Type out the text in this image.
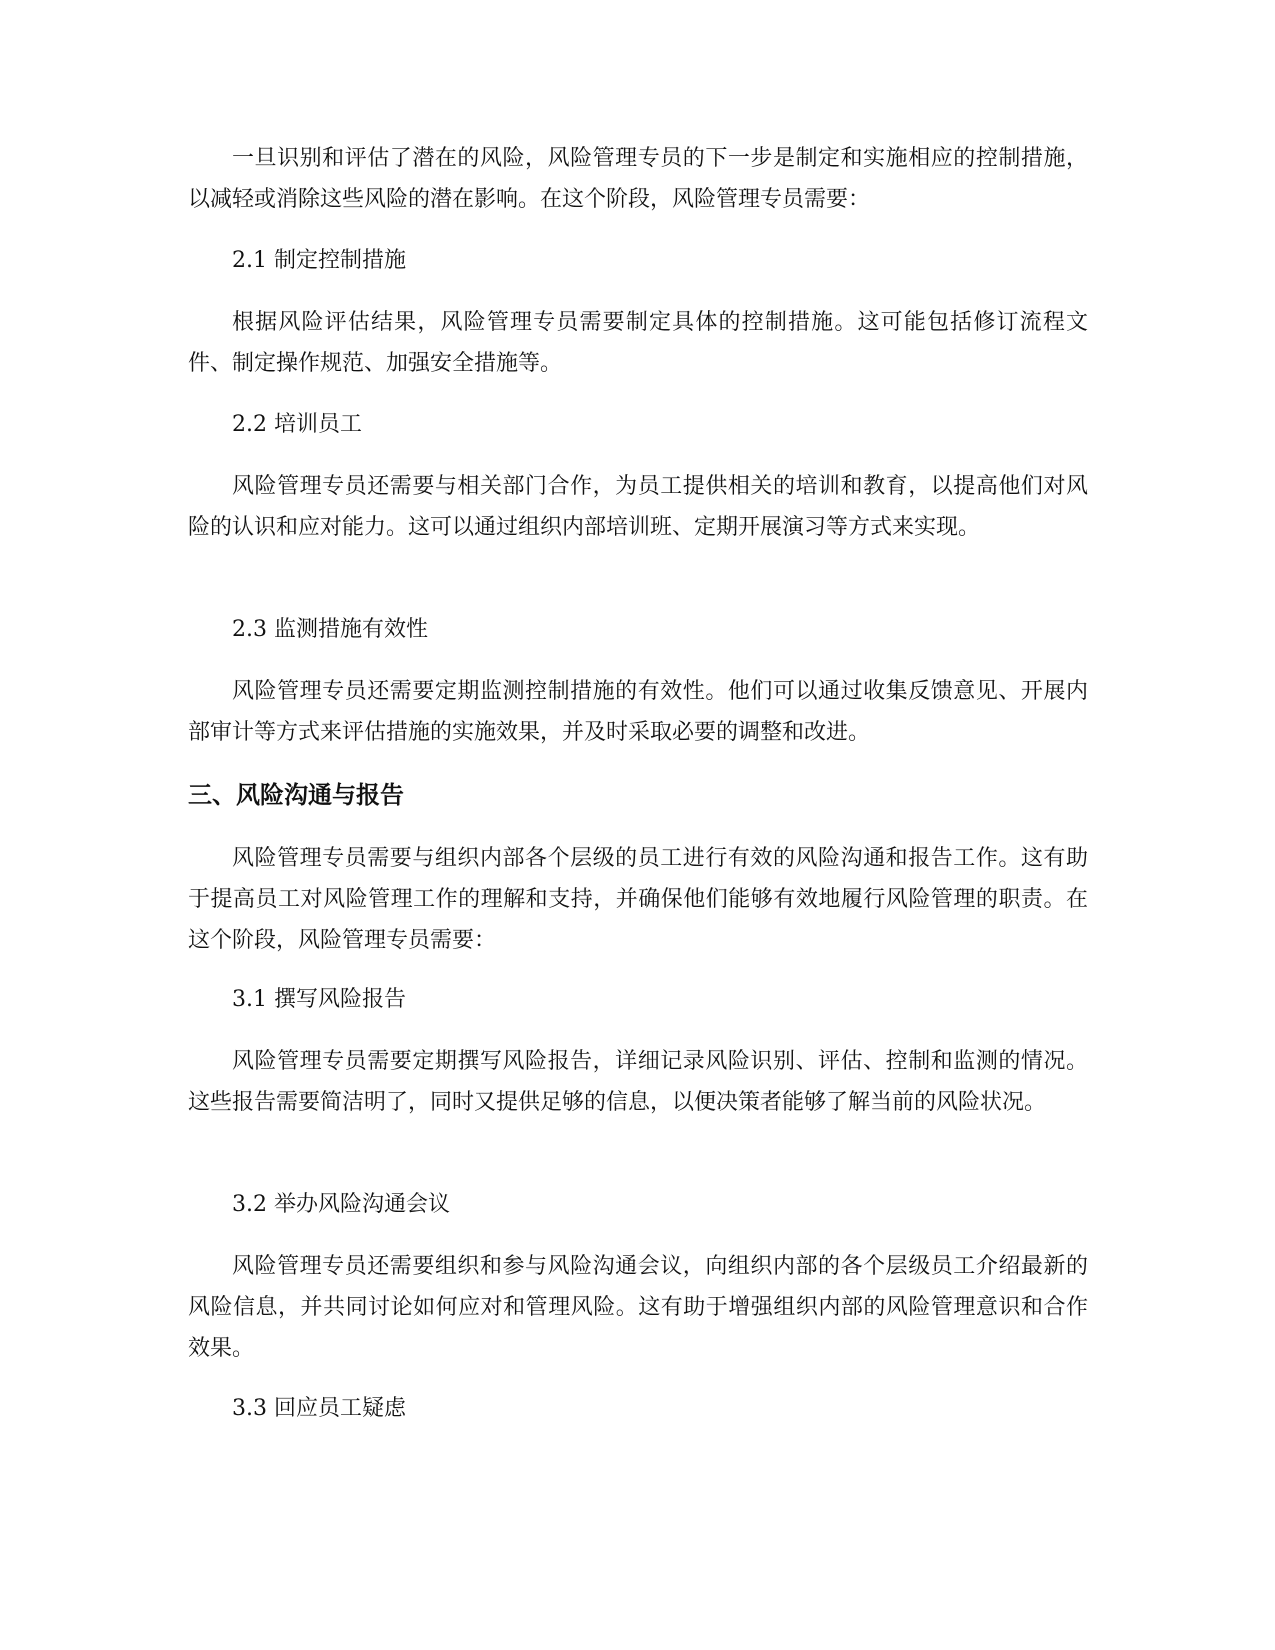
一旦识别和评估了潜在的风险，风险管理专员的下一步是制定和实施相应的控制措施，以减轻或消除这些风险的潜在影响。在这个阶段，风险管理专员需要：

2.1 制定控制措施

根据风险评估结果，风险管理专员需要制定具体的控制措施。这可能包括修订流程文件、制定操作规范、加强安全措施等。

2.2 培训员工

风险管理专员还需要与相关部门合作，为员工提供相关的培训和教育，以提高他们对风险的认识和应对能力。这可以通过组织内部培训班、定期开展演习等方式来实现。

2.3 监测措施有效性

风险管理专员还需要定期监测控制措施的有效性。他们可以通过收集反馈意见、开展内部审计等方式来评估措施的实施效果，并及时采取必要的调整和改进。

三、风险沟通与报告

风险管理专员需要与组织内部各个层级的员工进行有效的风险沟通和报告工作。这有助于提高员工对风险管理工作的理解和支持，并确保他们能够有效地履行风险管理的职责。在这个阶段，风险管理专员需要：

3.1 撰写风险报告

风险管理专员需要定期撰写风险报告，详细记录风险识别、评估、控制和监测的情况。这些报告需要简洁明了，同时又提供足够的信息，以便决策者能够了解当前的风险状况。

3.2 举办风险沟通会议

风险管理专员还需要组织和参与风险沟通会议，向组织内部的各个层级员工介绍最新的风险信息，并共同讨论如何应对和管理风险。这有助于增强组织内部的风险管理意识和合作效果。

3.3 回应员工疑虑
